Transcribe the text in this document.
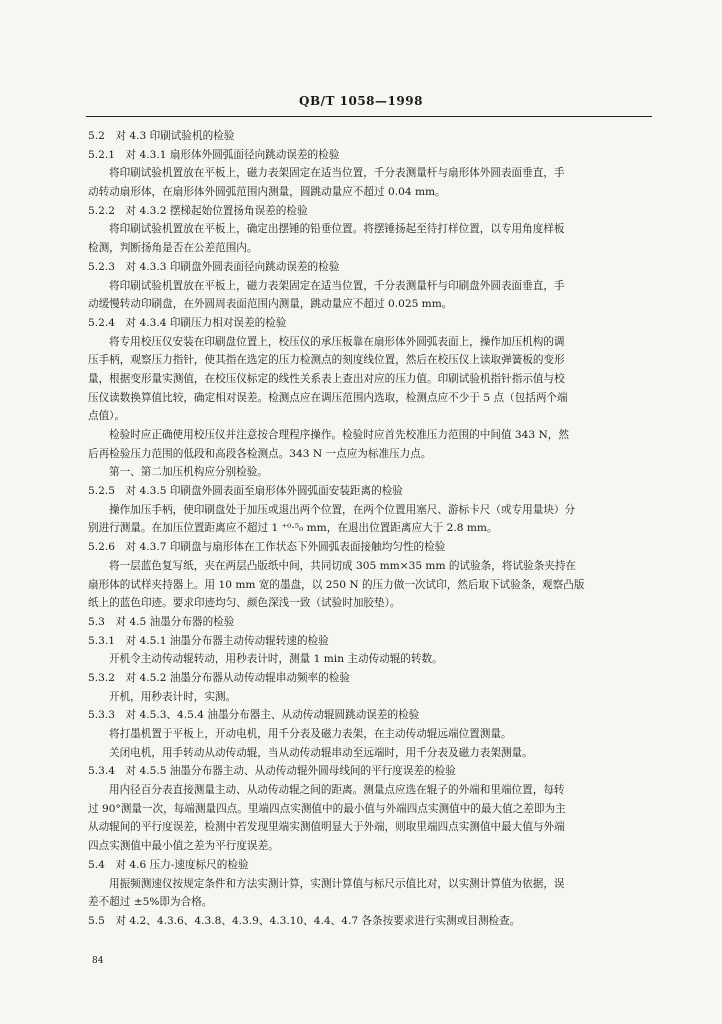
QB/T 1058—1998
5.2　对 4.3 印刷试验机的检验
5.2.1　对 4.3.1 扇形体外圆弧面径向跳动误差的检验
将印刷试验机置放在平板上，磁力表架固定在适当位置，千分表测量杆与扇形体外圆表面垂直，手
动转动扇形体，在扇形体外圆弧范围内测量，圆跳动量应不超过 0.04 mm。
5.2.2　对 4.3.2 摆梯起始位置扬角误差的检验
将印刷试验机置放在平板上，确定出摆锤的铅垂位置。将摆锤扬起至待打样位置，以专用角度样板
检测，判断扬角是否在公差范围内。
5.2.3　对 4.3.3 印刷盘外圆表面径向跳动误差的检验
将印刷试验机置放在平板上，磁力表架固定在适当位置，千分表测量杆与印刷盘外圆表面垂直，手
动缓慢转动印刷盘，在外圆周表面范围内测量，跳动量应不超过 0.025 mm。
5.2.4　对 4.3.4 印刷压力相对误差的检验
将专用校压仪安装在印刷盘位置上，校压仪的承压板靠在扇形体外圆弧表面上，操作加压机构的调
压手柄，观察压力指针，使其指在选定的压力检测点的刻度线位置，然后在校压仪上读取弹簧板的变形
量，根据变形量实测值，在校压仪标定的线性关系表上查出对应的压力值。印刷试验机指针指示值与校
压仪读数换算值比较，确定相对误差。检测点应在调压范围内选取，检测点应不少于 5 点（包括两个端
点值）。
检验时应正确使用校压仪并注意按合理程序操作。检验时应首先校准压力范围的中间值 343 N，然
后再检验压力范围的低段和高段各检测点。343 N 一点应为标准压力点。
第一、第二加压机构应分别检验。
5.2.5　对 4.3.5 印刷盘外圆表面至扇形体外圆弧面安装距离的检验
操作加压手柄，使印刷盘处于加压或退出两个位置，在两个位置用塞尺、游标卡尺（或专用量块）分
别进行测量。在加压位置距离应不超过 1 ⁺⁰·⁵₀ mm，在退出位置距离应大于 2.8 mm。
5.2.6　对 4.3.7 印刷盘与扇形体在工作状态下外圆弧表面接触均匀性的检验
将一层蓝色复写纸，夹在两层凸版纸中间，共同切成 305 mm×35 mm 的试验条，将试验条夹持在
扇形体的试样夹持器上。用 10 mm 宽的墨盘，以 250 N 的压力做一次试印，然后取下试验条，观察凸版
纸上的蓝色印迹。要求印迹均匀、颜色深浅一致（试验时加胶垫）。
5.3　对 4.5 油墨分布器的检验
5.3.1　对 4.5.1 油墨分布器主动传动辊转速的检验
开机令主动传动辊转动，用秒表计时，测量 1 min 主动传动辊的转数。
5.3.2　对 4.5.2 油墨分布器从动传动辊串动频率的检验
开机，用秒表计时，实测。
5.3.3　对 4.5.3、4.5.4 油墨分布器主、从动传动辊圆跳动误差的检验
将打墨机置于平板上，开动电机，用千分表及磁力表架，在主动传动辊远端位置测量。
关闭电机，用手转动从动传动辊，当从动传动辊串动至远端时，用千分表及磁力表架测量。
5.3.4　对 4.5.5 油墨分布器主动、从动传动辊外圆母线间的平行度误差的检验
用内径百分表直接测量主动、从动传动辊之间的距离。测量点应选在辊子的外端和里端位置，每转
过 90°测量一次，每端测量四点。里端四点实测值中的最小值与外端四点实测值中的最大值之差即为主
从动辊间的平行度误差，检测中若发现里端实测值明显大于外端，则取里端四点实测值中最大值与外端
四点实测值中最小值之差为平行度误差。
5.4　对 4.6 压力-速度标尺的检验
用振频测速仪按规定条件和方法实测计算，实测计算值与标尺示值比对，以实测计算值为依据，误
差不超过 ±5%即为合格。
5.5　对 4.2、4.3.6、4.3.8、4.3.9、4.3.10、4.4、4.7 各条按要求进行实测或目测检查。
84
